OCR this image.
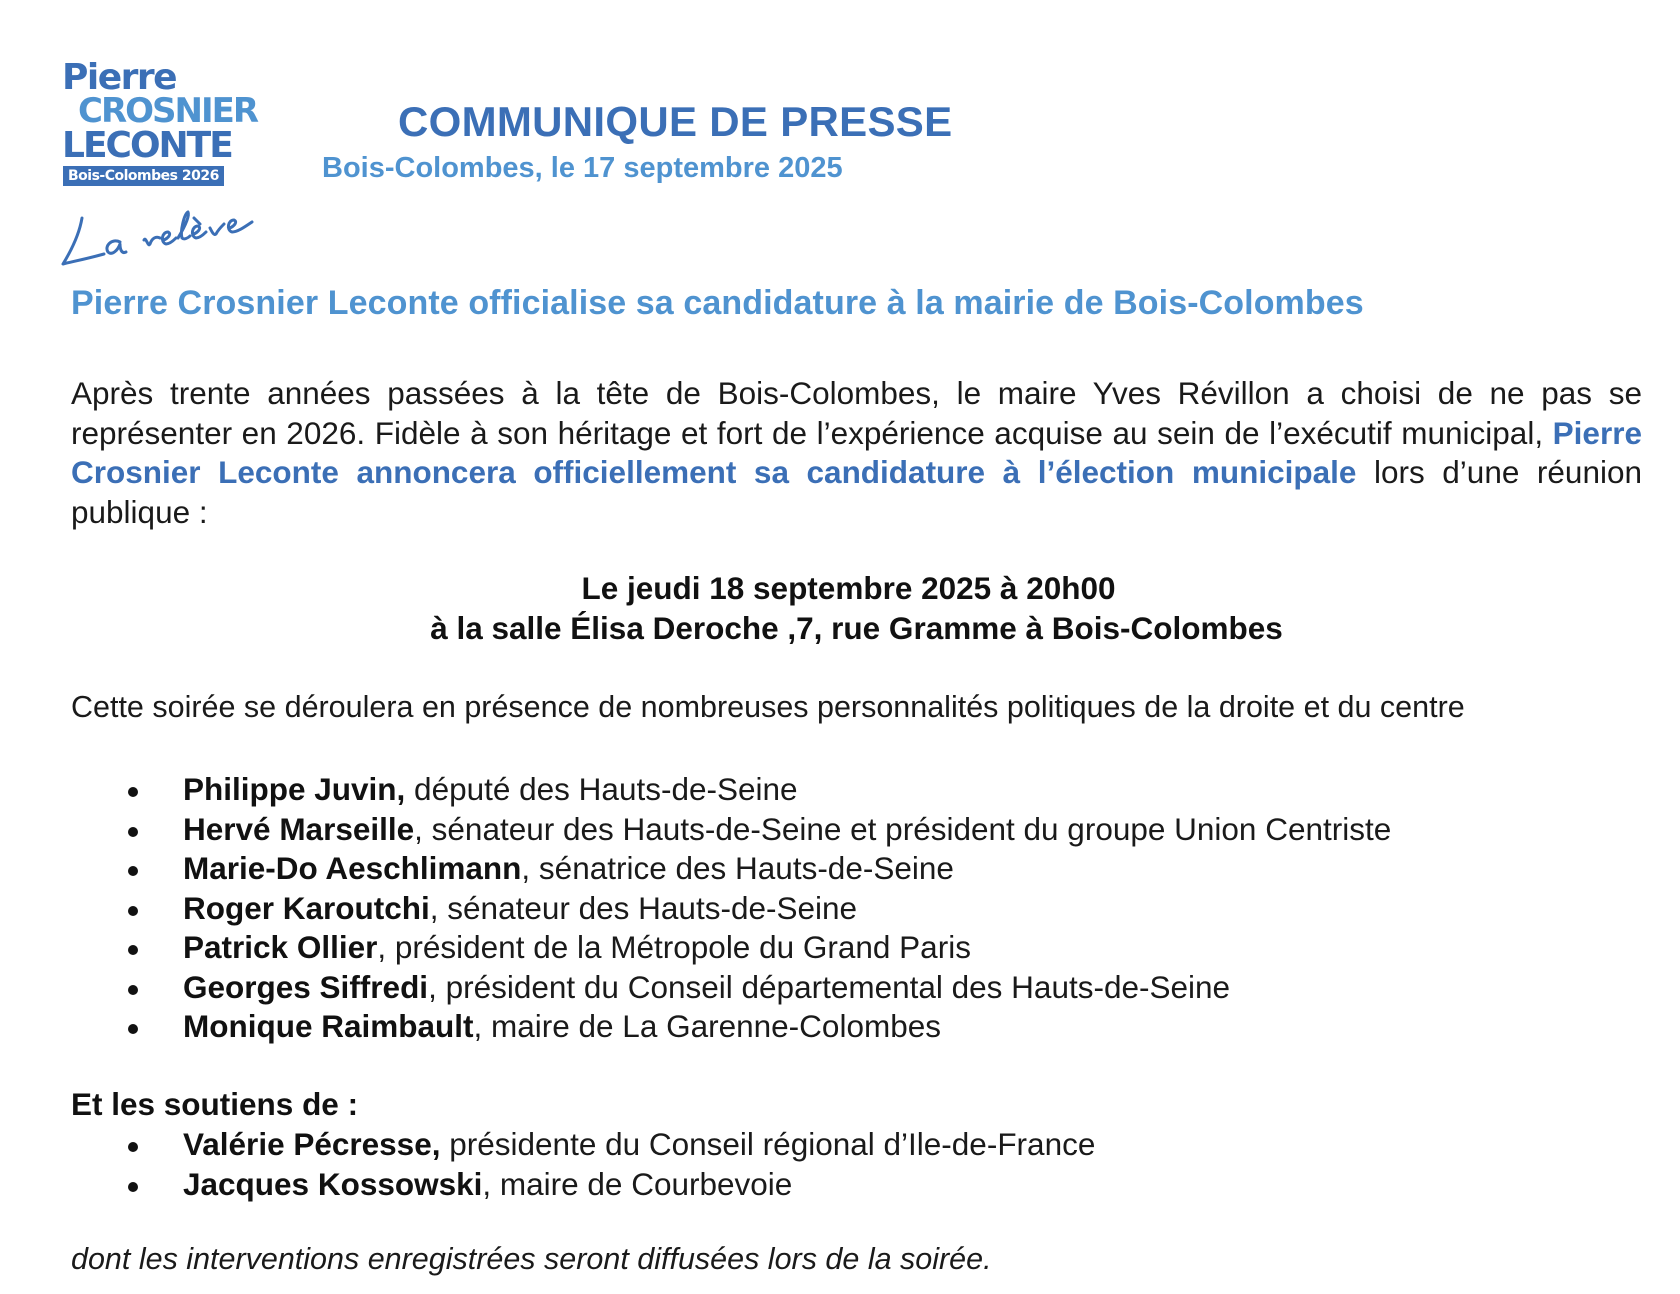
Pierre
CROSNIER
LECONTE
Bois-Colombes 2026
COMMUNIQUE DE PRESSE
Bois-Colombes, le 17 septembre 2025
Pierre Crosnier Leconte officialise sa candidature à la mairie de Bois-Colombes

Après trente années passées à la tête de Bois-Colombes, le maire Yves Révillon a choisi de ne pas se représenter en 2026. Fidèle à son héritage et fort de l’expérience acquise au sein de l’exécutif municipal, Pierre Crosnier Leconte annoncera officiellement sa candidature à l’élection municipale lors d’une réunion publique :

Le jeudi 18 septembre 2025 à 20h00
à la salle Élisa Deroche ,7, rue Gramme à Bois-Colombes

Cette soirée se déroulera en présence de nombreuses personnalités politiques de la droite et du centre

Philippe Juvin, député des Hauts-de-Seine
Hervé Marseille, sénateur des Hauts-de-Seine et président du groupe Union Centriste
Marie-Do Aeschlimann, sénatrice des Hauts-de-Seine
Roger Karoutchi, sénateur des Hauts-de-Seine
Patrick Ollier, président de la Métropole du Grand Paris
Georges Siffredi, président du Conseil départemental des Hauts-de-Seine
Monique Raimbault, maire de La Garenne-Colombes
Et les soutiens de :
Valérie Pécresse, présidente du Conseil régional d’Ile-de-France
Jacques Kossowski, maire de Courbevoie

dont les interventions enregistrées seront diffusées lors de la soirée.
